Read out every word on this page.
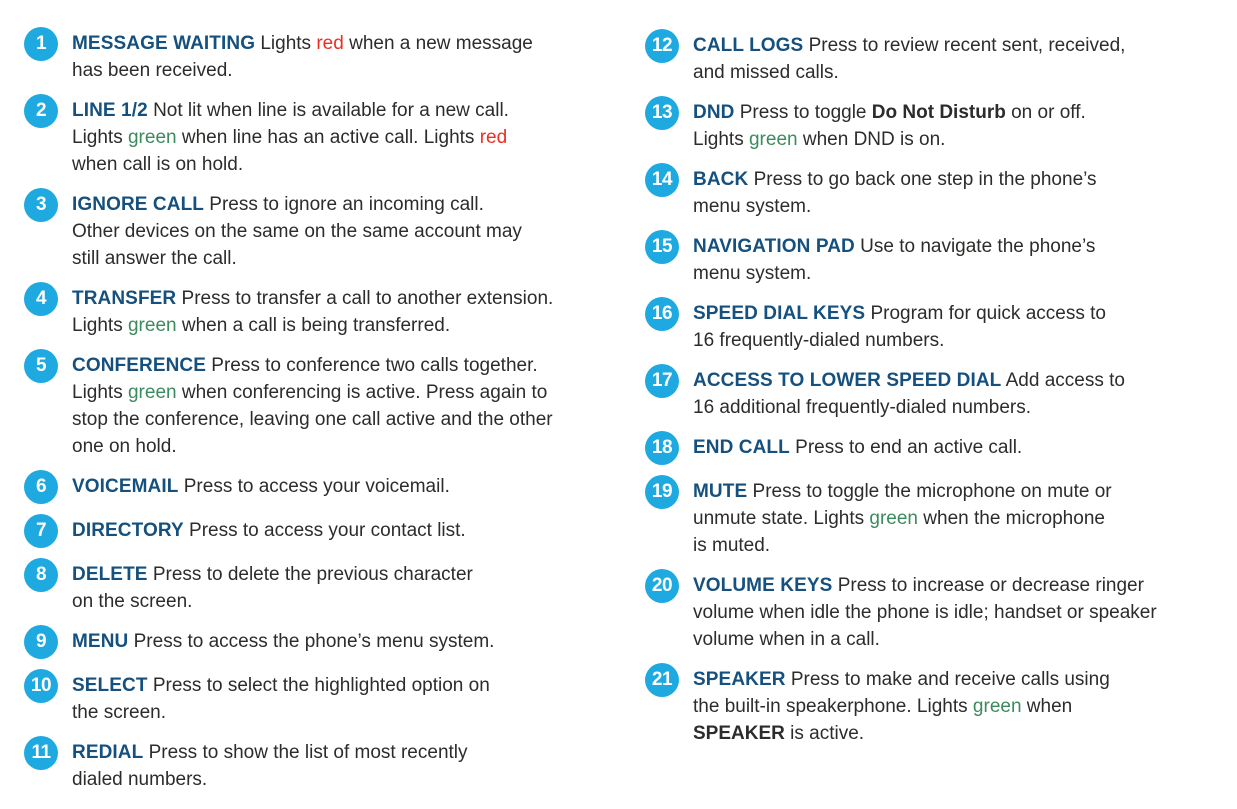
1	MESSAGE WAITING Lights red when a new message
has been received.
2	LINE 1/2 Not lit when line is available for a new call.
Lights green when line has an active call. Lights red
when call is on hold.
3	IGNORE CALL Press to ignore an incoming call.
Other devices on the same on the same account may
still answer the call.
4	TRANSFER Press to transfer a call to another extension.
Lights green when a call is being transferred.
5	CONFERENCE Press to conference two calls together.
Lights green when conferencing is active. Press again to
stop the conference, leaving one call active and the other
one on hold.
6	VOICEMAIL Press to access your voicemail.
7	DIRECTORY Press to access your contact list.
8	DELETE Press to delete the previous character
on the screen.
9	MENU Press to access the phone’s menu system.
10	SELECT Press to select the highlighted option on
the screen.
11	REDIAL Press to show the list of most recently
dialed numbers.
12	CALL LOGS Press to review recent sent, received,
and missed calls.
13	DND Press to toggle Do Not Disturb on or off.
Lights green when DND is on.
14	BACK Press to go back one step in the phone’s
menu system.
15	NAVIGATION PAD Use to navigate the phone’s
menu system.
16	SPEED DIAL KEYS Program for quick access to
16 frequently-dialed numbers.
17	ACCESS TO LOWER SPEED DIAL Add access to
16 additional frequently-dialed numbers.
18	END CALL Press to end an active call.
19	MUTE Press to toggle the microphone on mute or
unmute state. Lights green when the microphone
is muted.
20	VOLUME KEYS Press to increase or decrease ringer
volume when idle the phone is idle; handset or speaker
volume when in a call.
21	SPEAKER Press to make and receive calls using
the built-in speakerphone. Lights green when
SPEAKER is active.
